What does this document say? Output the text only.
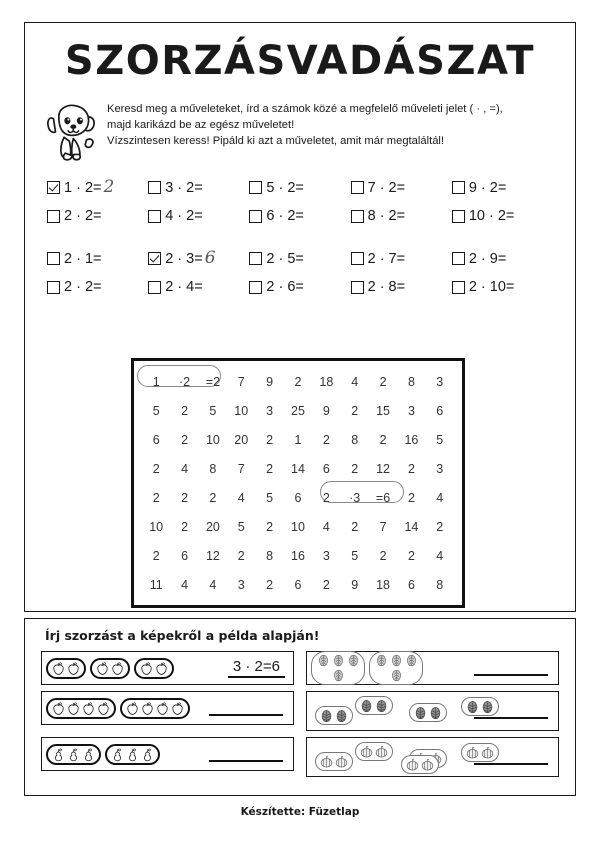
SZORZÁSVADÁSZAT
Keresd meg a műveleteket, írd a számok közé a megfelelő műveleti jelet ( · , =),
majd karikázd be az egész műveletet!
Vízszintesen keress! Pipáld ki azt a műveletet, amit már megtaláltál!
1 · 2= 2	3 · 2=	5 · 2=	7 · 2=	9 · 2=
2 · 2=	4 · 2=	6 · 2=	8 · 2=	10 · 2=
2 · 1=	2 · 3= 6	2 · 5=	2 · 7=	2 · 9=
2 · 2=	2 · 4=	2 · 6=	2 · 8=	2 · 10=
1	·2	=2	7	9	2	18	4	2	8	3
5	2	5	10	3	25	9	2	15	3	6
6	2	10	20	2	1	2	8	2	16	5
2	4	8	7	2	14	6	2	12	2	3
2	2	2	4	5	6	2	·3	=6	2	4
10	2	20	5	2	10	4	2	7	14	2
2	6	12	2	8	16	3	5	2	2	4
11	4	4	3	2	6	2	9	18	6	8
Írj szorzást a képekről a példa alapján!
3 · 2=6
Készítette: Füzetlap
